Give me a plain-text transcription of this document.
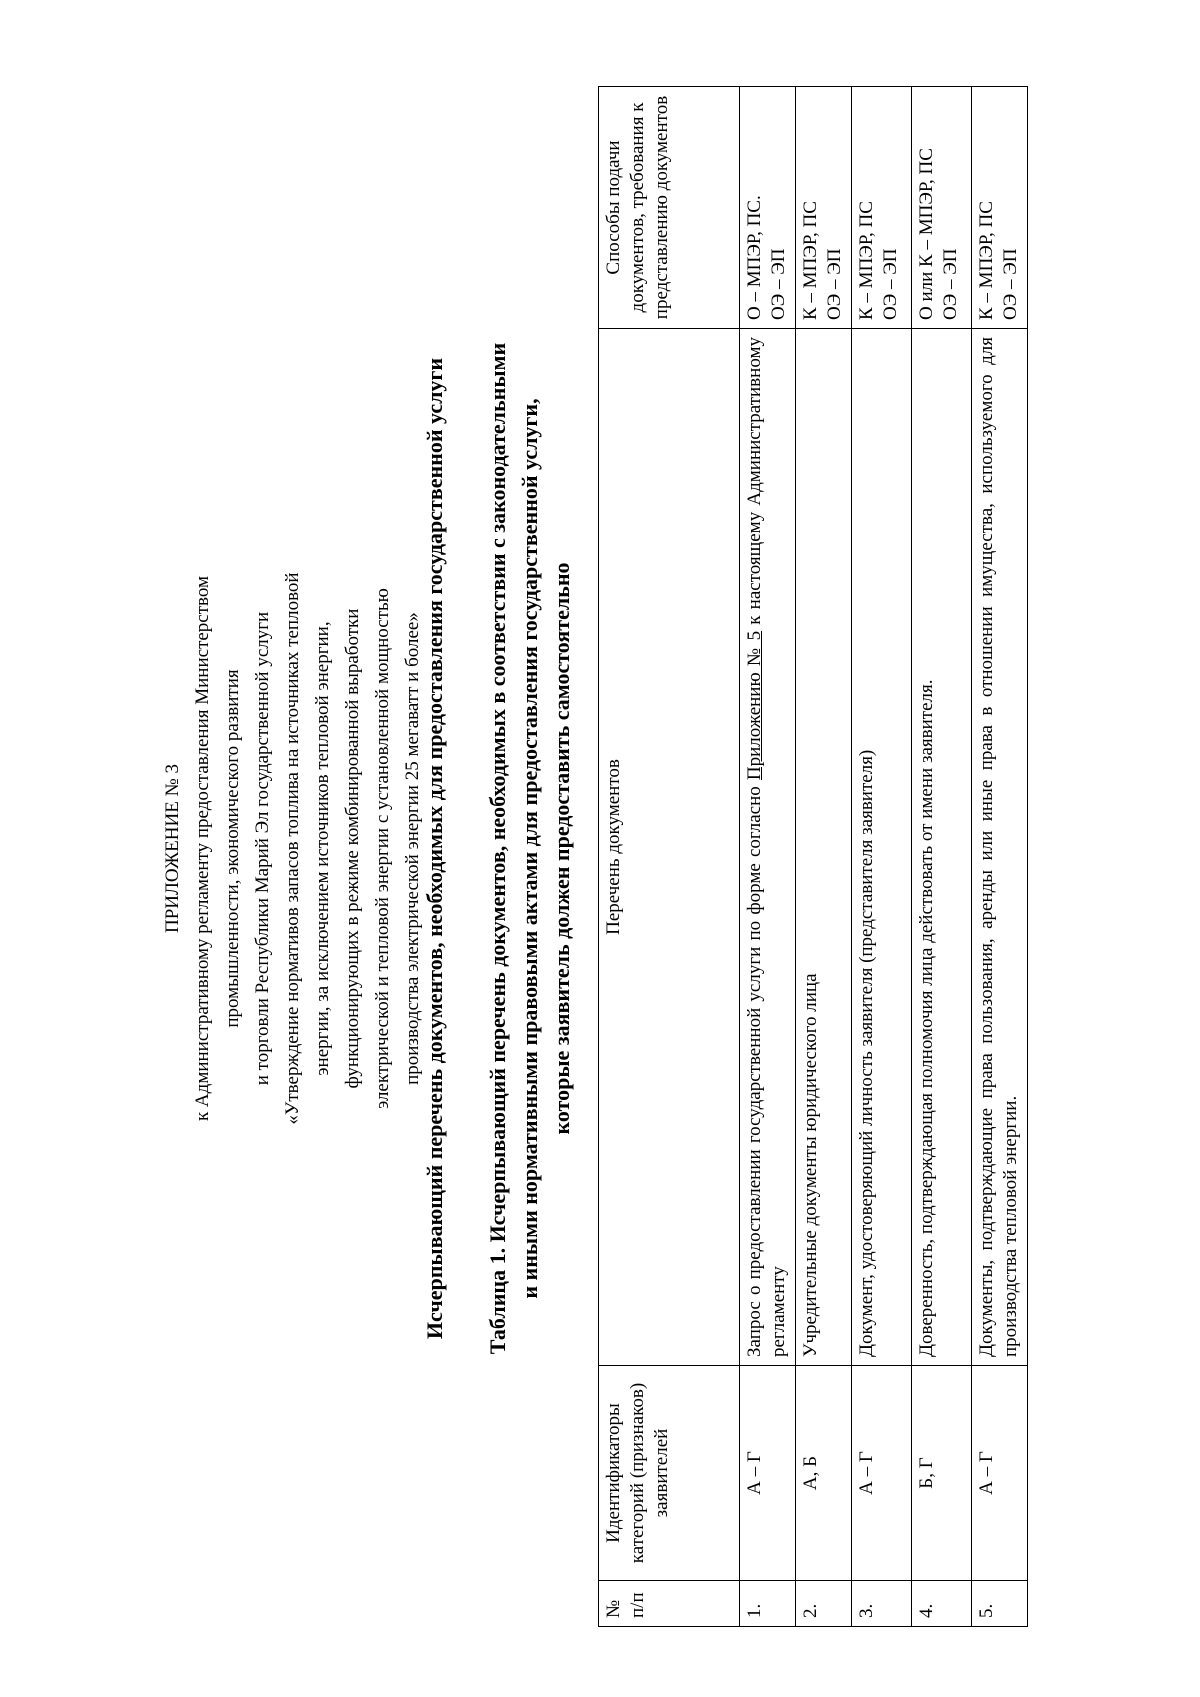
ПРИЛОЖЕНИЕ № 3 к Административному регламенту предоставления Министерством промышленности, экономического развития и торговли Республики Марий Эл государственной услуги «Утверждение нормативов запасов топлива на источниках тепловой энергии, за исключением источников тепловой энергии, функционирующих в режиме комбинированной выработки электрической и тепловой энергии с установленной мощностью производства электрической энергии 25 мегаватт и более» Исчерпывающий перечень документов, необходимых для предоставления государственной услуги Таблица 1. Исчерпывающий перечень документов, необходимых в соответствии с законодательными и иными нормативными правовыми актами для предоставления государственной услуги, которые заявитель должен предоставить самостоятельно
№ п/п	Идентификаторы категорий (признаков) заявителей	Перечень документов	Способы подачи документов, требования к представлению документов
1.	А – Г	Запрос о предоставлении государственной услуги по форме согласно Приложению № 5 к настоящему Административному регламенту	О – МПЭР, ПС. ОЭ – ЭП

2.	А, Б	Учредительные документы юридического лица	К – МПЭР, ПС ОЭ – ЭП

3.	А – Г	Документ, удостоверяющий личность заявителя (представителя заявителя)	К – МПЭР, ПС ОЭ – ЭП

4.	Б, Г	Доверенность, подтверждающая полномочия лица действовать от имени заявителя.	О или К – МПЭР, ПС ОЭ – ЭП

5.	А – Г	Документы, подтверждающие права пользования, аренды или иные права в отношении имущества, используемого для производства тепловой энергии.	К – МПЭР, ПС ОЭ – ЭП
